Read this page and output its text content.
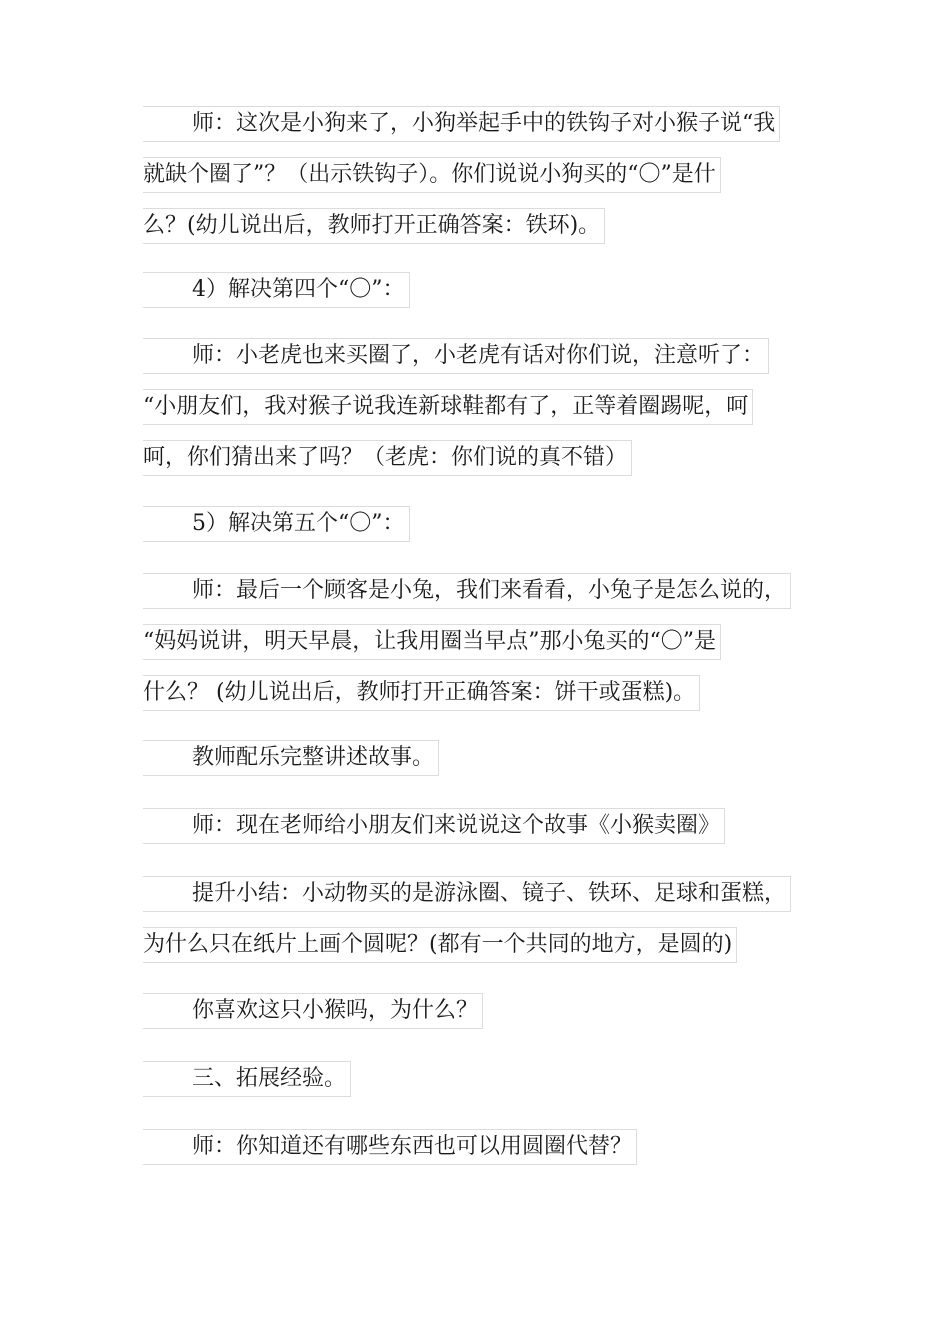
师：这次是小狗来了，小狗举起手中的铁钩子对小猴子说“我
就缺个圈了”？（出示铁钩子）。你们说说小狗买的“〇”是什
么？(幼儿说出后，教师打开正确答案：铁环)。
4）解决第四个“〇”：
师：小老虎也来买圈了，小老虎有话对你们说，注意听了：
“小朋友们，我对猴子说我连新球鞋都有了，正等着圈踢呢，呵
呵，你们猜出来了吗？（老虎：你们说的真不错）
5）解决第五个“〇”：
师：最后一个顾客是小兔，我们来看看，小兔子是怎么说的，
“妈妈说讲，明天早晨，让我用圈当早点”那小兔买的“〇”是
什么？ (幼儿说出后，教师打开正确答案：饼干或蛋糕)。
教师配乐完整讲述故事。
师：现在老师给小朋友们来说说这个故事《小猴卖圈》
提升小结：小动物买的是游泳圈、镜子、铁环、足球和蛋糕，
为什么只在纸片上画个圆呢？(都有一个共同的地方，是圆的)
你喜欢这只小猴吗，为什么？
三、拓展经验。
师：你知道还有哪些东西也可以用圆圈代替？
